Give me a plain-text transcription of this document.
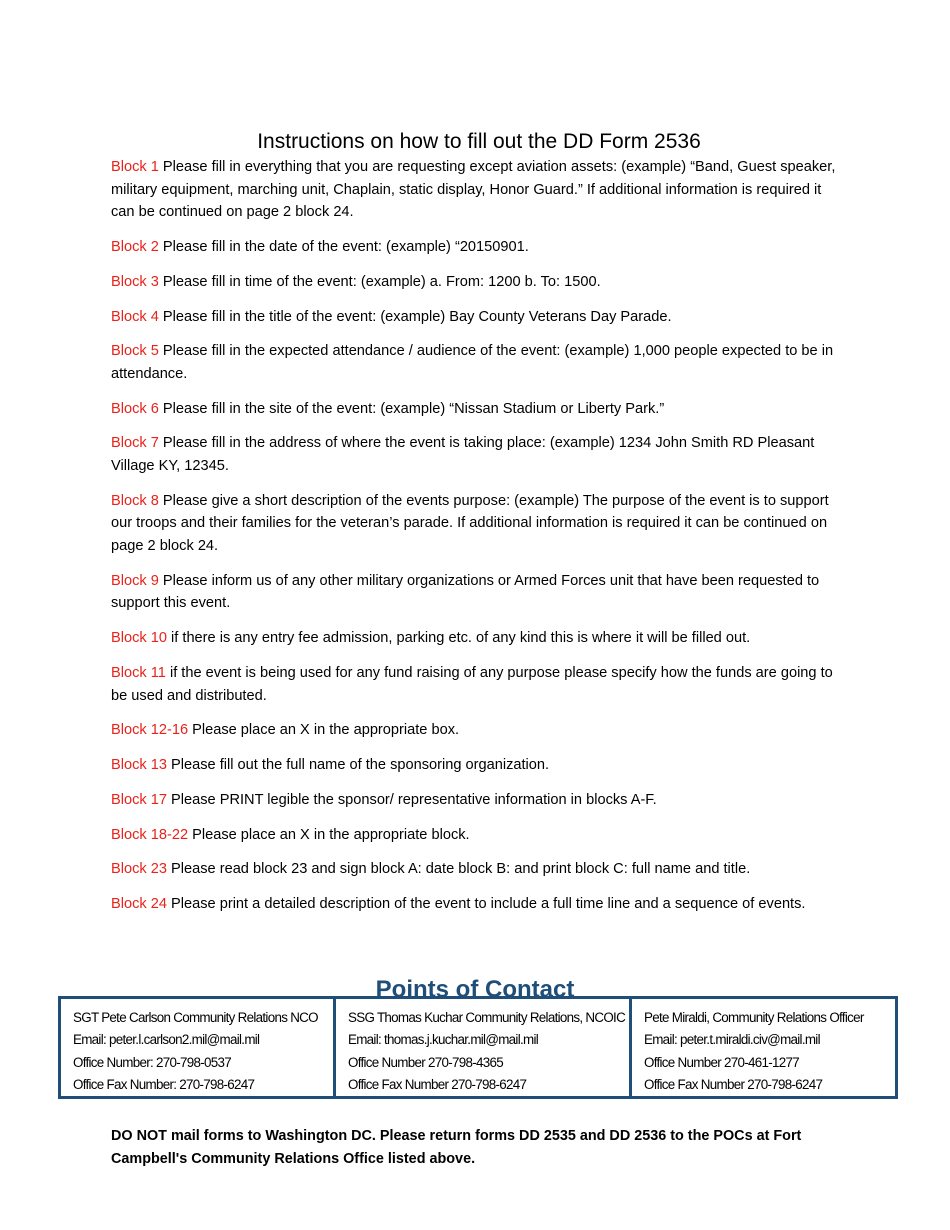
Instructions on how to fill out the DD Form 2536

Block 1 Please fill in everything that you are requesting except aviation assets: (example) “Band, Guest speaker, military equipment, marching unit, Chaplain, static display, Honor Guard.” If additional information is required it can be continued on page 2 block 24.

Block 2 Please fill in the date of the event: (example) “20150901.

Block 3 Please fill in time of the event: (example) a. From: 1200 b. To: 1500.

Block 4 Please fill in the title of the event: (example) Bay County Veterans Day Parade.

Block 5 Please fill in the expected attendance / audience of the event: (example) 1,000 people expected to be in attendance.

Block 6 Please fill in the site of the event: (example) “Nissan Stadium or Liberty Park.”

Block 7 Please fill in the address of where the event is taking place: (example) 1234 John Smith RD Pleasant Village KY, 12345.

Block 8 Please give a short description of the events purpose: (example) The purpose of the event is to support our troops and their families for the veteran’s parade. If additional information is required it can be continued on page 2 block 24.

Block 9 Please inform us of any other military organizations or Armed Forces unit that have been requested to support this event.

Block 10 if there is any entry fee admission, parking etc. of any kind this is where it will be filled out.

Block 11 if the event is being used for any fund raising of any purpose please specify how the funds are going to be used and distributed.

Block 12-16 Please place an X in the appropriate box.

Block 13 Please fill out the full name of the sponsoring organization.

Block 17 Please PRINT legible the sponsor/ representative information in blocks A-F.

Block 18-22 Please place an X in the appropriate block.

Block 23 Please read block 23 and sign block A: date block B: and print block C: full name and title.

Block 24 Please print a detailed description of the event to include a full time line and a sequence of events.

Points of Contact
SGT Pete Carlson Community Relations NCO
Email: peter.l.carlson2.mil@mail.mil
Office Number: 270-798-0537
Office Fax Number: 270-798-6247
SSG Thomas Kuchar Community Relations, NCOIC
Email: thomas.j.kuchar.mil@mail.mil
Office Number 270-798-4365
Office Fax Number 270-798-6247
Pete Miraldi, Community Relations Officer
Email: peter.t.miraldi.civ@mail.mil
Office Number 270-461-1277
Office Fax Number 270-798-6247

DO NOT mail forms to Washington DC. Please return forms DD 2535 and DD 2536 to the POCs at Fort Campbell's Community Relations Office listed above.
